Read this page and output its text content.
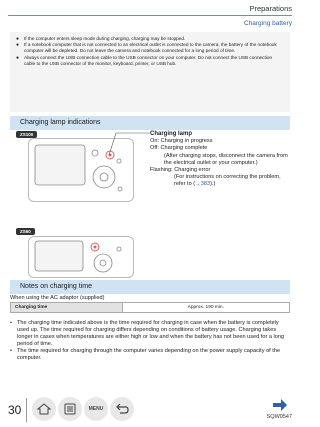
Preparations
Charging battery
● If the computer enters sleep mode during charging, charging may be stopped.
● If a notebook computer that is not connected to an electrical outlet is connected to the camera, the battery of the notebook computer will be depleted. Do not leave the camera and notebook connected for a long period of time.
● Always connect the USB connection cable to the USB connector on your computer. Do not connect the USB connection cable to the USB connector of the monitor, keyboard, printer, or USB hub.
Charging lamp indications
ZS100
ZS60
Charging lamp
On: Charging in progress
Off: Charging complete
(After charging stops, disconnect the camera from the electrical outlet or your computer.)
Flashing: Charging error
(For instructions on correcting the problem,
refer to (→383).)
Notes on charging time
When using the AC adaptor (supplied)
Charging time	Approx. 190 min.
• The charging time indicated above is the time required for charging in case when the battery is completely used up. The time required for charging differs depending on conditions of battery usage. Charging takes longer in cases when temperatures are either high or low and when the battery has not been used for a long period of time.
• The time required for charging through the computer varies depending on the power supply capacity of the computer.
30	MENU
SQW0547
